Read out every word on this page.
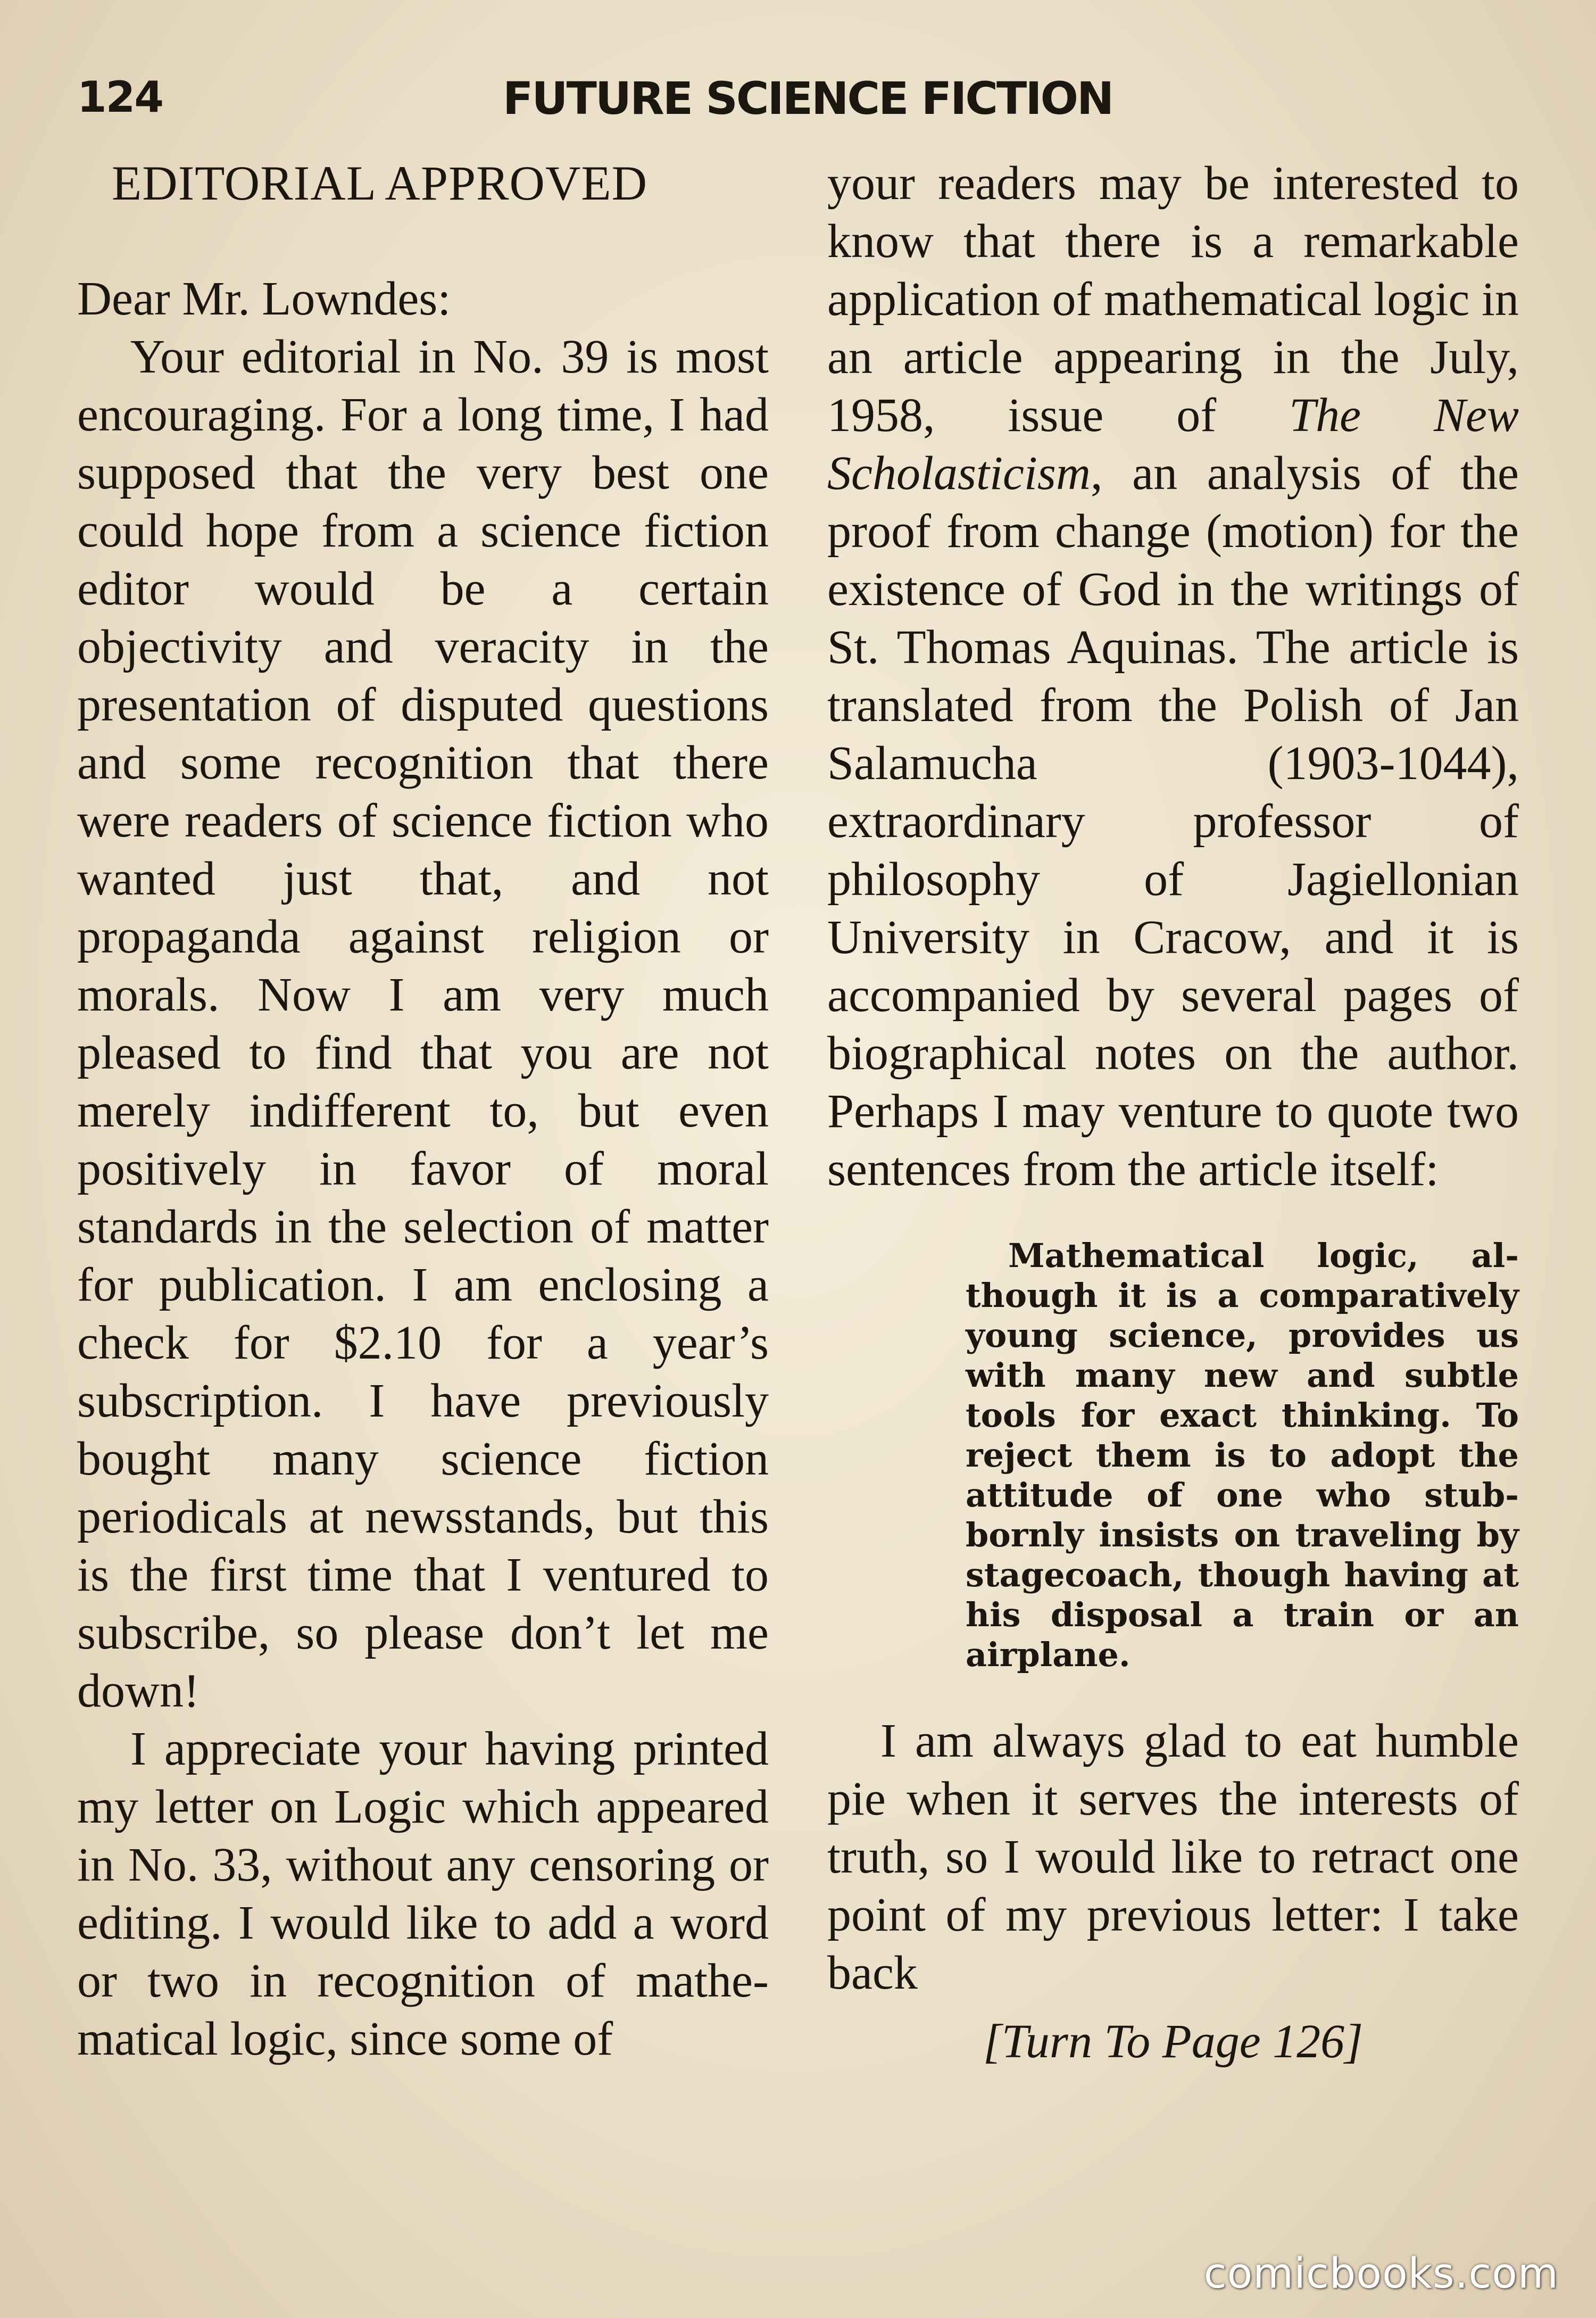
124	FUTURE SCIENCE FICTION
EDITORIAL APPROVED

Dear Mr. Lowndes:

Your editorial in No. 39 is most encouraging. For a long time, I had supposed that the very best one could hope from a science fiction editor would be a certain objectivity and veracity in the presentation of disputed questions and some recognition that there were readers of science fiction who wanted just that, and not propaganda against religion or morals. Now I am very much pleased to find that you are not merely indifferent to, but even positively in favor of moral standards in the selection of matter for publication. I am enclosing a check for $2.10 for a year’s subscription. I have previously bought many science fiction periodicals at newsstands, but this is the first time that I ventured to subscribe, so please don’t let me down!

I appreciate your having printed my letter on Logic which appeared in No. 33, without any censoring or editing. I would like to add a word or two in recognition of mathematical logic, since some of

your readers may be interested to know that there is a remarkable application of mathematical logic in an article appearing in the July, 1958, issue of The New Scholasticism, an analysis of the proof from change (motion) for the existence of God in the writings of St. Thomas Aquinas. The article is translated from the Polish of Jan Salamucha (1903-1044), extraordinary professor of philosophy of Jagiellonian University in Cracow, and it is accompanied by several pages of biographical notes on the author. Perhaps I may venture to quote two sentences from the article itself:

Mathematical logic, although it is a comparatively young science, provides us with many new and subtle tools for exact thinking. To reject them is to adopt the attitude of one who stubbornly insists on traveling by stagecoach, though having at his disposal a train or an airplane.

I am always glad to eat humble pie when it serves the interests of truth, so I would like to retract one point of my previous letter: I take back

[Turn To Page 126]
comicbooks.com
